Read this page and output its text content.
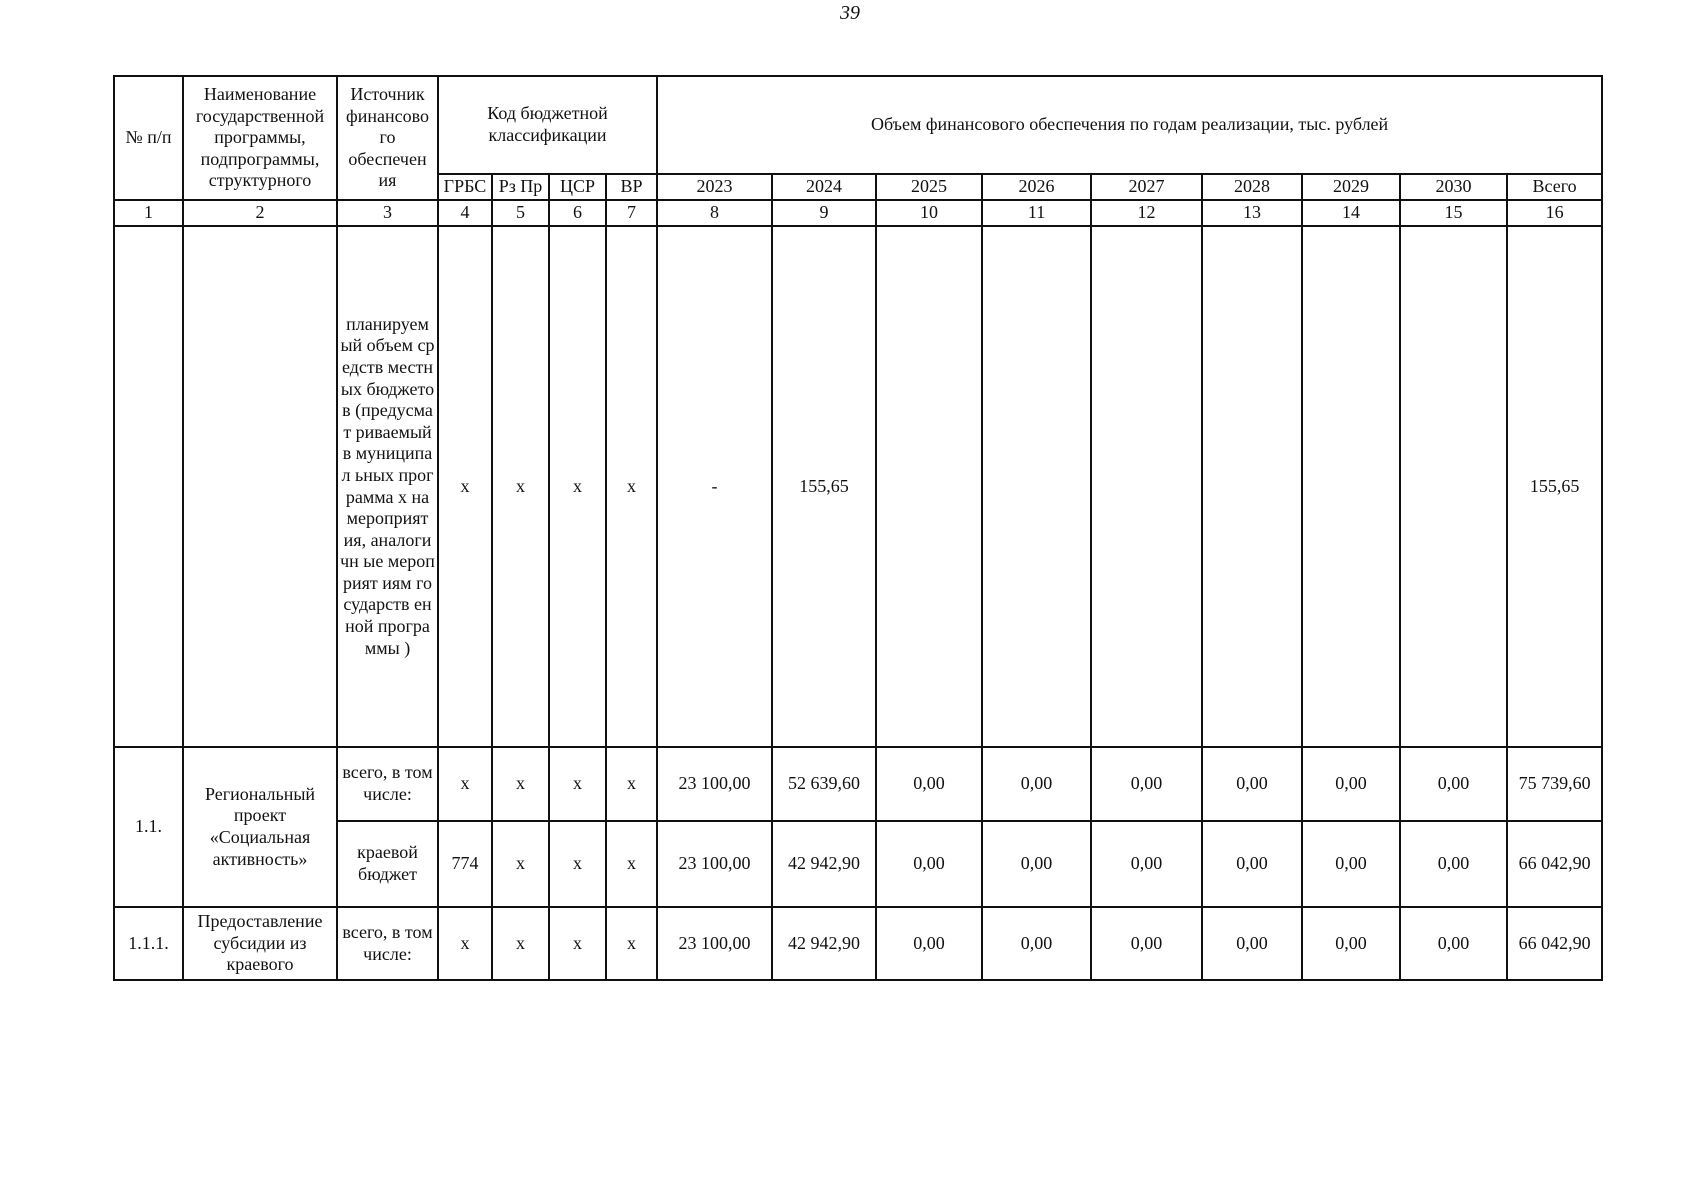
39
№ п/п	Наименование государственной программы, подпрограммы, структурного	Источник финансово го обеспечен ия	Код бюджетной классификации				Объем финансового обеспечения по годам реализации, тыс. рублей								
			ГРБС	Рз Пр	ЦСР	ВР	2023	2024	2025	2026	2027	2028	2029	2030	Всего
1	2	3	4	5	6	7	8	9	10	11	12	13	14	15	16
		планируем ый объем средств местных бюджетов (предусмат риваемый в муниципал ьных программа х на мероприят ия, аналогичн ые мероприят иям государств енной программы )	x	x	x	x	-	155,65							155,65
1.1.	Региональный проект «Социальная активность»	всего, в том числе:	x	x	x	x	23 100,00	52 639,60	0,00	0,00	0,00	0,00	0,00	0,00	75 739,60
		краевой бюджет	774	x	x	x	23 100,00	42 942,90	0,00	0,00	0,00	0,00	0,00	0,00	66 042,90
1.1.1.	Предоставление субсидии из краевого	всего, в том числе:	x	x	x	x	23 100,00	42 942,90	0,00	0,00	0,00	0,00	0,00	0,00	66 042,90
